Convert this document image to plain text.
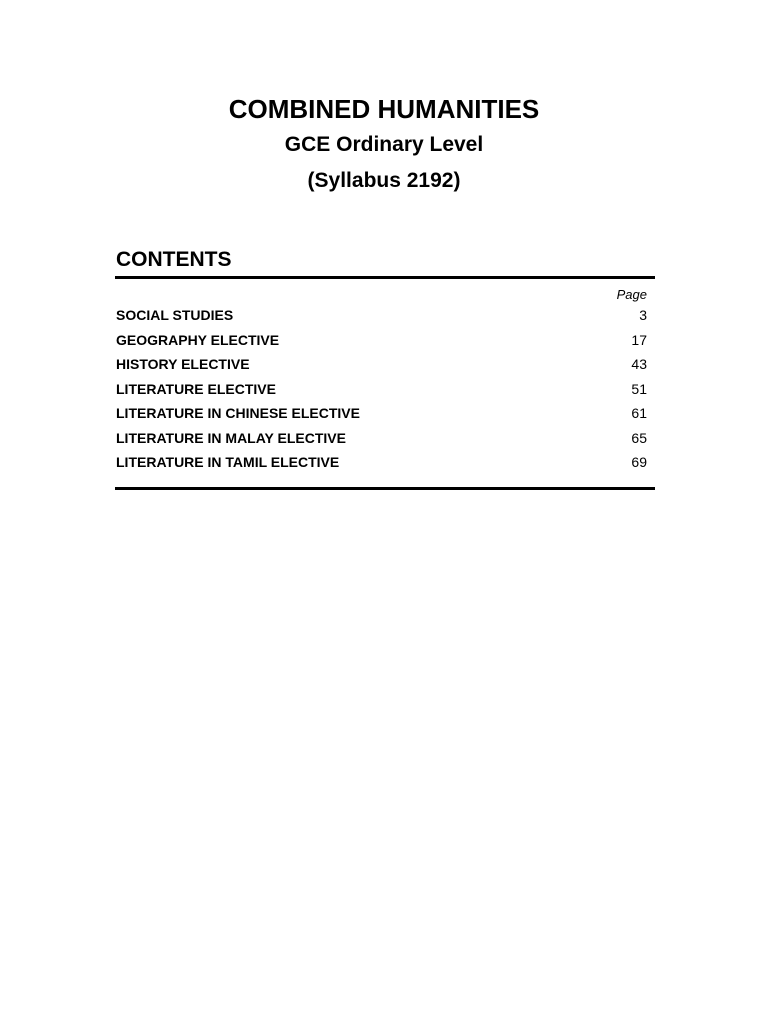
COMBINED HUMANITIES
GCE Ordinary Level
(Syllabus 2192)
CONTENTS
Page
SOCIAL STUDIES	3
GEOGRAPHY ELECTIVE	17
HISTORY ELECTIVE	43
LITERATURE ELECTIVE	51
LITERATURE IN CHINESE ELECTIVE	61
LITERATURE IN MALAY ELECTIVE	65
LITERATURE IN TAMIL ELECTIVE	69
